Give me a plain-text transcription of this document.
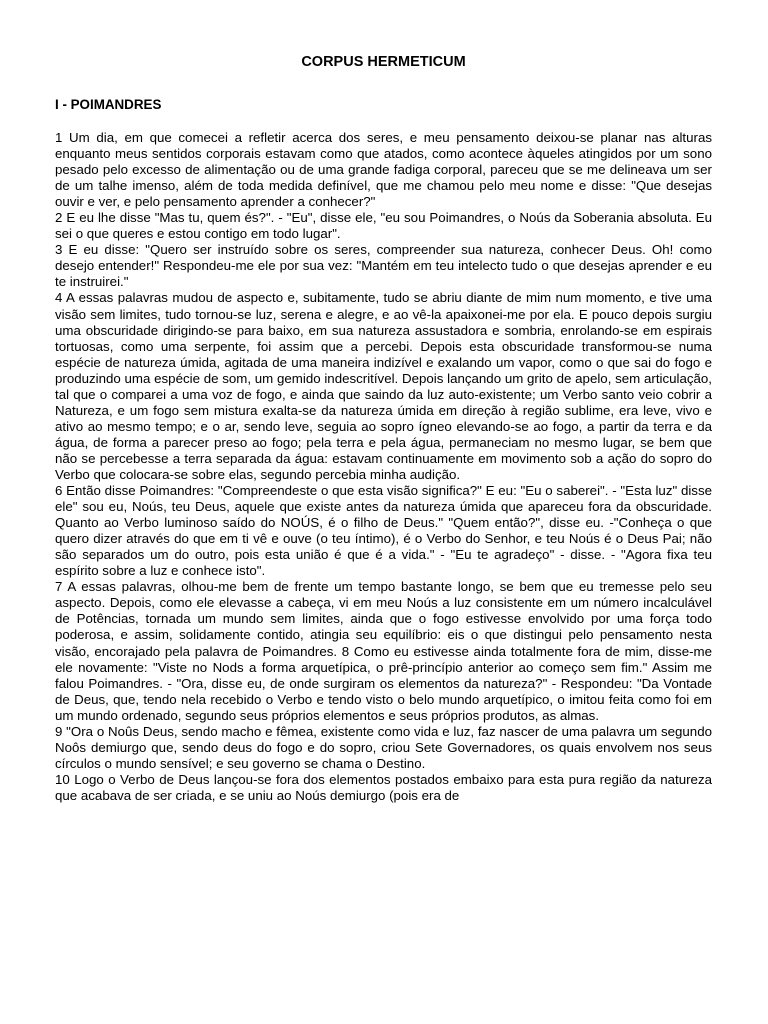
CORPUS HERMETICUM
I - POIMANDRES

1 Um dia, em que comecei a refletir acerca dos seres, e meu pensamento deixou-se planar nas alturas enquanto meus sentidos corporais estavam como que atados, como acontece àqueles atingidos por um sono pesado pelo excesso de alimentação ou de uma grande fadiga corporal, pareceu que se me delineava um ser de um talhe imenso, além de toda medida definível, que me chamou pelo meu nome e disse: "Que desejas ouvir e ver, e pelo pensamento aprender a conhecer?"

2 E eu lhe disse "Mas tu, quem és?". - "Eu", disse ele, "eu sou Poimandres, o Noús da Soberania absoluta. Eu sei o que queres e estou contigo em todo lugar".

3 E eu disse: "Quero ser instruído sobre os seres, compreender sua natureza, conhecer Deus. Oh! como desejo entender!" Respondeu-me ele por sua vez: "Mantém em teu intelecto tudo o que desejas aprender e eu te instruirei."

4 A essas palavras mudou de aspecto e, subitamente, tudo se abriu diante de mim num momento, e tive uma visão sem limites, tudo tornou-se luz, serena e alegre, e ao vê-la apaixonei-me por ela. E pouco depois surgiu uma obscuridade dirigindo-se para baixo, em sua natureza assustadora e sombria, enrolando-se em espirais tortuosas, como uma serpente, foi assim que a percebi. Depois esta obscuridade transformou-se numa espécie de natureza úmida, agitada de uma maneira indizível e exalando um vapor, como o que sai do fogo e produzindo uma espécie de som, um gemido indescritível. Depois lançando um grito de apelo, sem articulação, tal que o comparei a uma voz de fogo, e ainda que saindo da luz auto-existente; um Verbo santo veio cobrir a Natureza, e um fogo sem mistura exalta-se da natureza úmida em direção à região sublime, era leve, vivo e ativo ao mesmo tempo; e o ar, sendo leve, seguia ao sopro ígneo elevando-se ao fogo, a partir da terra e da água, de forma a parecer preso ao fogo; pela terra e pela água, permaneciam no mesmo lugar, se bem que não se percebesse a terra separada da água: estavam continuamente em movimento sob a ação do sopro do Verbo que colocara-se sobre elas, segundo percebia minha audição.

6 Então disse Poimandres: "Compreendeste o que esta visão significa?" E eu: "Eu o saberei". - "Esta luz" disse ele" sou eu, Noús, teu Deus, aquele que existe antes da natureza úmida que apareceu fora da obscuridade. Quanto ao Verbo luminoso saído do NOÚS, é o filho de Deus." "Quem então?", disse eu. -"Conheça o que quero dizer através do que em ti vê e ouve (o teu íntimo), é o Verbo do Senhor, e teu Noús é o Deus Pai; não são separados um do outro, pois esta união é que é a vida." - "Eu te agradeço" - disse. - "Agora fixa teu espírito sobre a luz e conhece isto".

7 A essas palavras, olhou-me bem de frente um tempo bastante longo, se bem que eu tremesse pelo seu aspecto. Depois, como ele elevasse a cabeça, vi em meu Noús a luz consistente em um número incalculável de Potências, tornada um mundo sem limites, ainda que o fogo estivesse envolvido por uma força todo poderosa, e assim, solidamente contido, atingia seu equilíbrio: eis o que distingui pelo pensamento nesta visão, encorajado pela palavra de Poimandres. 8 Como eu estivesse ainda totalmente fora de mim, disse-me ele novamente: "Viste no Nods a forma arquetípica, o prê-princípio anterior ao começo sem fim." Assim me falou Poimandres. - "Ora, disse eu, de onde surgiram os elementos da natureza?" - Respondeu: "Da Vontade de Deus, que, tendo nela recebido o Verbo e tendo visto o belo mundo arquetípico, o imitou feita como foi em um mundo ordenado, segundo seus próprios elementos e seus próprios produtos, as almas.

9 "Ora o Noûs Deus, sendo macho e fêmea, existente como vida e luz, faz nascer de uma palavra um segundo Noôs demiurgo que, sendo deus do fogo e do sopro, criou Sete Governadores, os quais envolvem nos seus círculos o mundo sensível; e seu governo se chama o Destino.

10 Logo o Verbo de Deus lançou-se fora dos elementos postados embaixo para esta pura região da natureza que acabava de ser criada, e se uniu ao Noús demiurgo (pois era de
